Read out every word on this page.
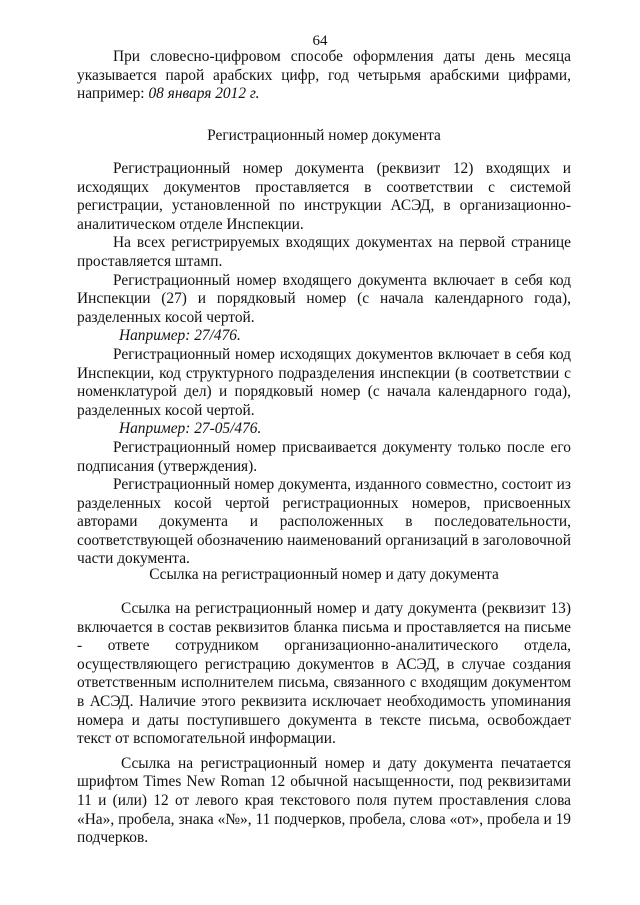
64

При словесно-цифровом способе оформления даты день месяца указывается парой арабских цифр, год четырьмя арабскими цифрами, например: 08 января 2012 г.

Регистрационный номер документа

Регистрационный номер документа (реквизит 12) входящих и исходящих документов проставляется в соответствии с системой регистрации, установленной по инструкции АСЭД, в организационно-аналитическом отделе Инспекции.

На всех регистрируемых входящих документах на первой странице проставляется штамп.

Регистрационный номер входящего документа включает в себя код Инспекции (27) и порядковый номер (с начала календарного года), разделенных косой чертой.

Например: 27/476.

Регистрационный номер исходящих документов включает в себя код Инспекции, код структурного подразделения инспекции (в соответствии с номенклатурой дел) и порядковый номер (с начала календарного года), разделенных косой чертой.

Например: 27-05/476.

Регистрационный номер присваивается документу только после его подписания (утверждения).

Регистрационный номер документа, изданного совместно, состоит из разделенных косой чертой регистрационных номеров, присвоенных авторами документа и расположенных в последовательности, соответствующей обозначению наименований организаций в заголовочной части документа.

Ссылка на регистрационный номер и дату документа

Ссылка на регистрационный номер и дату документа (реквизит 13) включается в состав реквизитов бланка письма и проставляется на письме - ответе сотрудником организационно-аналитического отдела, осуществляющего регистрацию документов в АСЭД, в случае создания ответственным исполнителем письма, связанного с входящим документом в АСЭД. Наличие этого реквизита исключает необходимость упоминания номера и даты поступившего документа в тексте письма, освобождает текст от вспомогательной информации.

Ссылка на регистрационный номер и дату документа печатается шрифтом Times New Roman 12 обычной насыщенности, под реквизитами 11 и (или) 12 от левого края текстового поля путем проставления слова «На», пробела, знака «№», 11 подчерков, пробела, слова «от», пробела и 19 подчерков.
